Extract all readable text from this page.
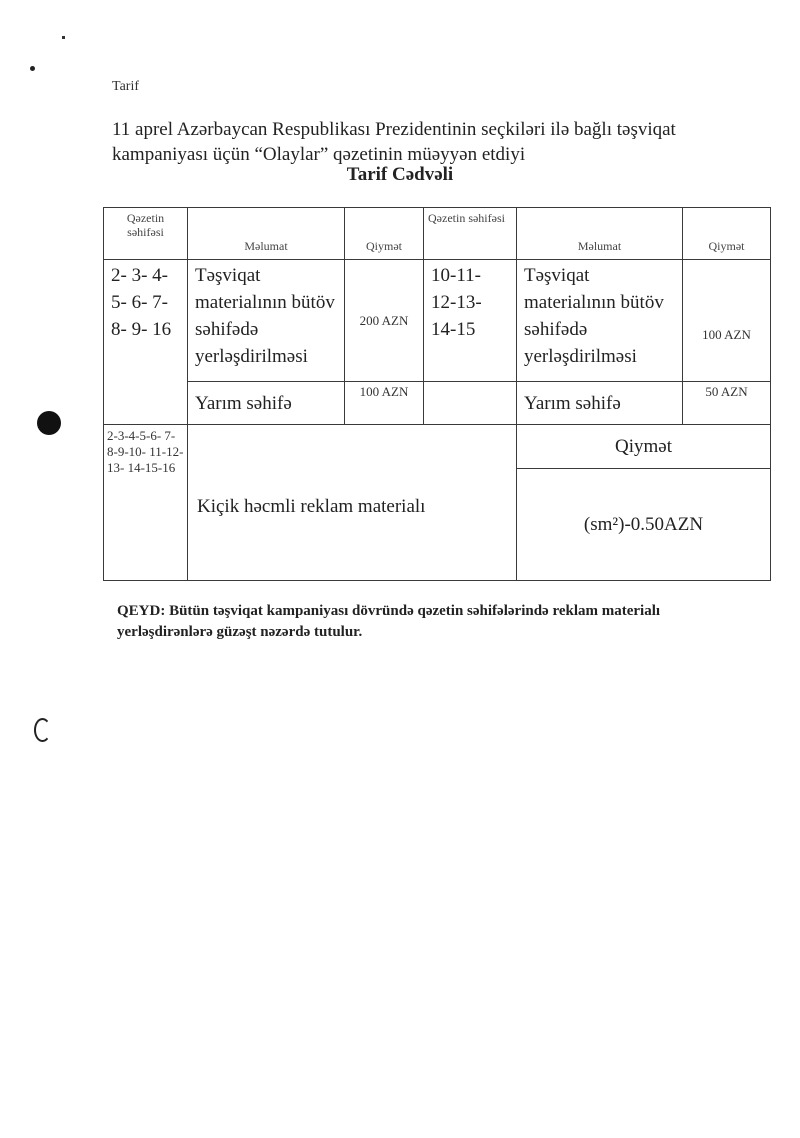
Tarif
11 aprel Azərbaycan Respublikası Prezidentinin seçkiləri ilə bağlı təşviqat kampaniyası üçün “Olaylar” qəzetinin müəyyən etdiyi
Tarif Cədvəli
Qəzetin səhifəsi	Məlumat	Qiymət	Qəzetin səhifəsi	Məlumat	Qiymət
2- 3- 4- 5- 6- 7- 8- 9- 16	Təşviqat materialının bütöv səhifədə yerləşdirilməsi	200 AZN	10-11- 12-13- 14-15	Təşviqat materialının bütöv səhifədə yerləşdirilməsi	100 AZN
	Yarım səhifə	100 AZN		Yarım səhifə	50 AZN
2-3-4-5-6- 7-8-9-10- 11-12-13- 14-15-16	Kiçik həcmli reklam materialı			Qiymət	
				(sm²)-0.50AZN	
QEYD: Bütün təşviqat kampaniyası dövründə qəzetin səhifələrində reklam materialı yerləşdirənlərə güzəşt nəzərdə tutulur.
